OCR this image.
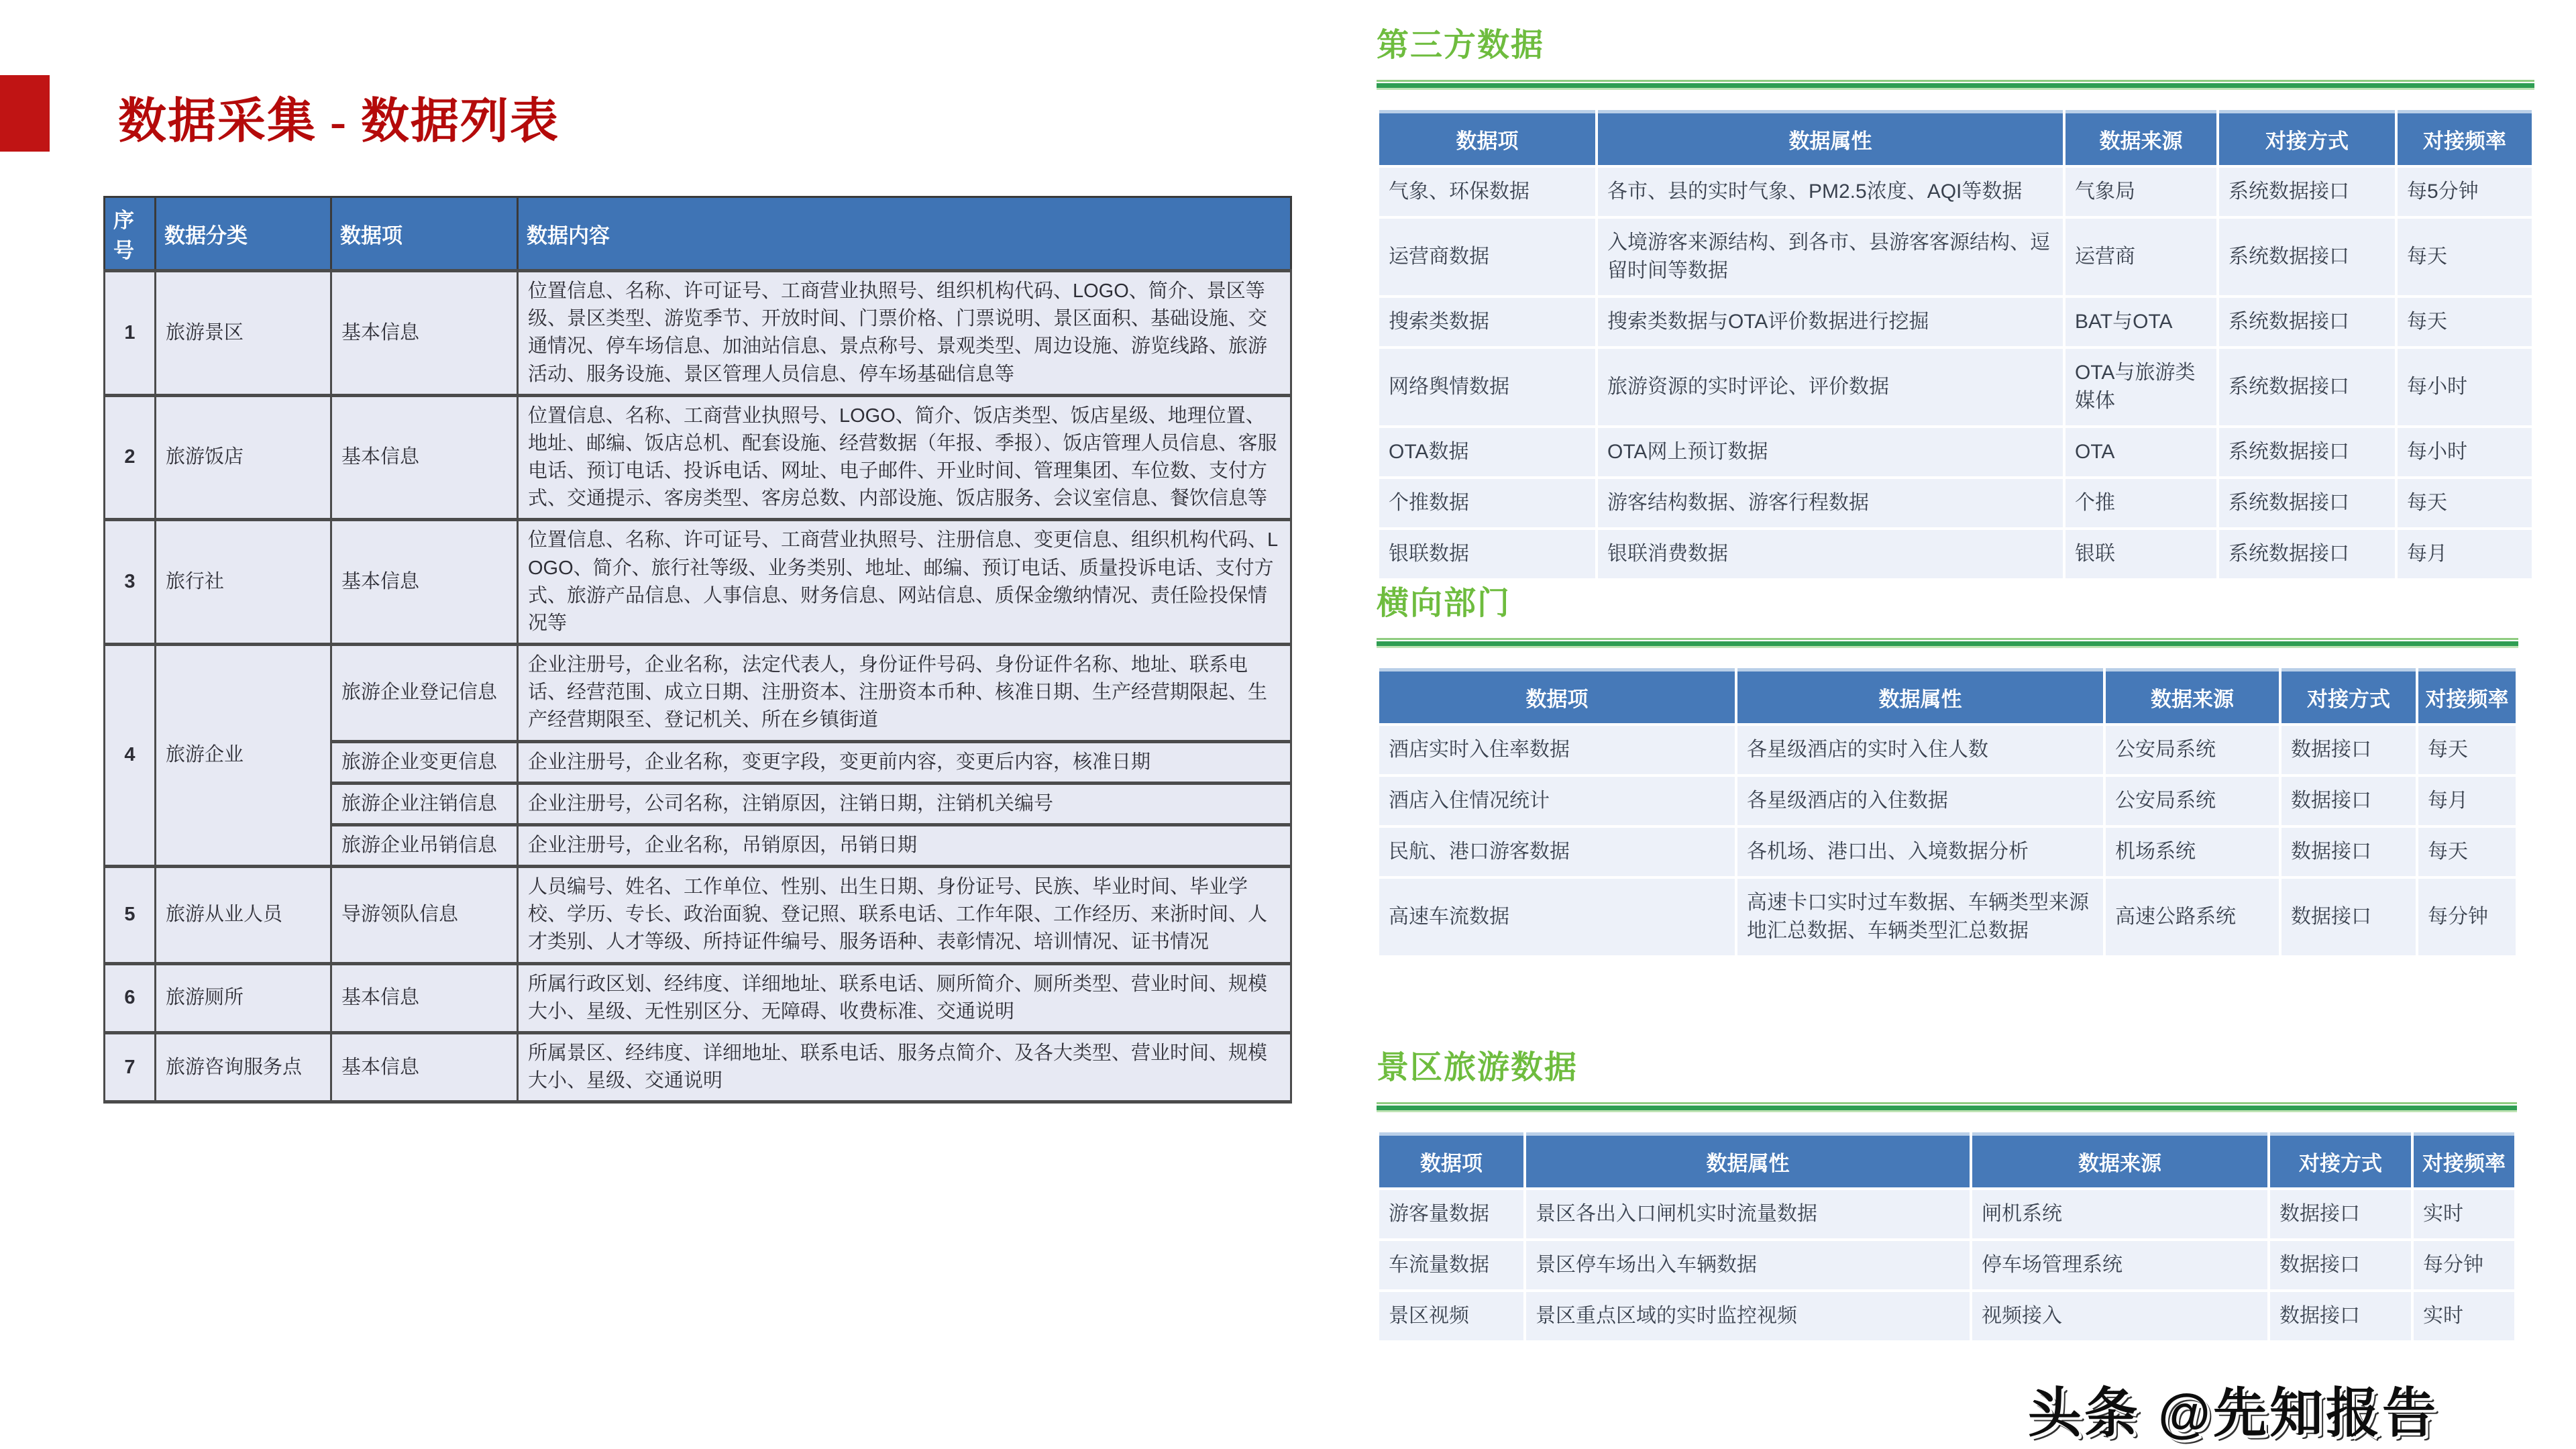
数据采集 - 数据列表
序号	数据分类	数据项	数据内容
1	旅游景区	基本信息	位置信息、名称、许可证号、工商营业执照号、组织机构代码、LOGO、简介、景区等级、景区类型、游览季节、开放时间、门票价格、门票说明、景区面积、基础设施、交通情况、停车场信息、加油站信息、景点称号、景观类型、周边设施、游览线路、旅游活动、服务设施、景区管理人员信息、停车场基础信息等
2	旅游饭店	基本信息	位置信息、名称、工商营业执照号、LOGO、简介、饭店类型、饭店星级、地理位置、地址、邮编、饭店总机、配套设施、经营数据（年报、季报）、饭店管理人员信息、客服电话、预订电话、投诉电话、网址、电子邮件、开业时间、管理集团、车位数、支付方式、交通提示、客房类型、客房总数、内部设施、饭店服务、会议室信息、餐饮信息等
3	旅行社	基本信息	位置信息、名称、许可证号、工商营业执照号、注册信息、变更信息、组织机构代码、LOGO、简介、旅行社等级、业务类别、地址、邮编、预订电话、质量投诉电话、支付方式、旅游产品信息、人事信息、财务信息、网站信息、质保金缴纳情况、责任险投保情况等
4	旅游企业	旅游企业登记信息	企业注册号，企业名称，法定代表人，身份证件号码、身份证件名称、地址、联系电话、经营范围、成立日期、注册资本、注册资本币种、核准日期、生产经营期限起、生产经营期限至、登记机关、所在乡镇街道
		旅游企业变更信息	企业注册号，企业名称，变更字段，变更前内容，变更后内容，核准日期
		旅游企业注销信息	企业注册号，公司名称，注销原因，注销日期，注销机关编号
		旅游企业吊销信息	企业注册号，企业名称，吊销原因，吊销日期
5	旅游从业人员	导游领队信息	人员编号、姓名、工作单位、性别、出生日期、身份证号、民族、毕业时间、毕业学校、学历、专长、政治面貌、登记照、联系电话、工作年限、工作经历、来浙时间、人才类别、人才等级、所持证件编号、服务语种、表彰情况、培训情况、证书情况
6	旅游厕所	基本信息	所属行政区划、经纬度、详细地址、联系电话、厕所简介、厕所类型、营业时间、规模大小、星级、无性别区分、无障碍、收费标准、交通说明
7	旅游咨询服务点	基本信息	所属景区、经纬度、详细地址、联系电话、服务点简介、及各大类型、营业时间、规模大小、星级、交通说明
第三方数据
数据项	数据属性	数据来源	对接方式	对接频率
气象、环保数据	各市、县的实时气象、PM2.5浓度、AQI等数据	气象局	系统数据接口	每5分钟
运营商数据	入境游客来源结构、到各市、县游客客源结构、逗留时间等数据	运营商	系统数据接口	每天
搜索类数据	搜索类数据与OTA评价数据进行挖掘	BAT与OTA	系统数据接口	每天
网络舆情数据	旅游资源的实时评论、评价数据	OTA与旅游类媒体	系统数据接口	每小时
OTA数据	OTA网上预订数据	OTA	系统数据接口	每小时
个推数据	游客结构数据、游客行程数据	个推	系统数据接口	每天
银联数据	银联消费数据	银联	系统数据接口	每月
横向部门
数据项	数据属性	数据来源	对接方式	对接频率
酒店实时入住率数据	各星级酒店的实时入住人数	公安局系统	数据接口	每天
酒店入住情况统计	各星级酒店的入住数据	公安局系统	数据接口	每月
民航、港口游客数据	各机场、港口出、入境数据分析	机场系统	数据接口	每天
高速车流数据	高速卡口实时过车数据、车辆类型来源地汇总数据、车辆类型汇总数据	高速公路系统	数据接口	每分钟
景区旅游数据
数据项	数据属性	数据来源	对接方式	对接频率
游客量数据	景区各出入口闸机实时流量数据	闸机系统	数据接口	实时
车流量数据	景区停车场出入车辆数据	停车场管理系统	数据接口	每分钟
景区视频	景区重点区域的实时监控视频	视频接入	数据接口	实时
头条 @先知报告
